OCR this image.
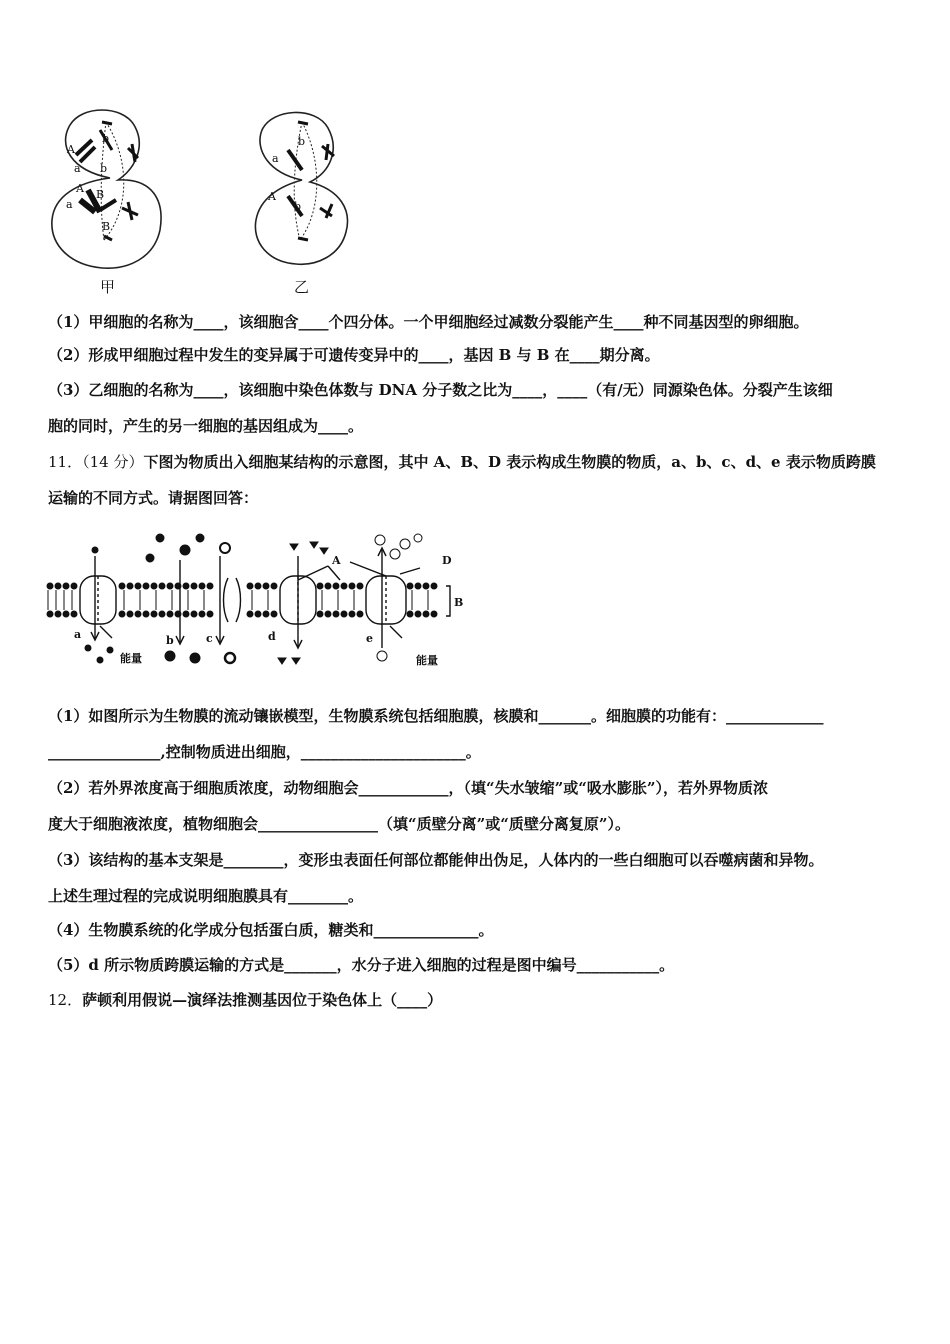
A
a
b
b
A
a
B
B
a
b
A
b
甲	乙
（1）甲细胞的名称为____，该细胞含____个四分体。一个甲细胞经过减数分裂能产生____种不同基因型的卵细胞。
（2）形成甲细胞过程中发生的变异属于可遗传变异中的____，基因 B 与 B 在____期分离。
（3）乙细胞的名称为____，该细胞中染色体数与 DNA 分子数之比为____，____（有/无）同源染色体。分裂产生该细
胞的同时，产生的另一细胞的基因组成为____。
11．（14 分）下图为物质出入细胞某结构的示意图，其中 A、B、D 表示构成生物膜的物质，a、b、c、d、e 表示物质跨膜
运输的不同方式。请据图回答：
A	D
B
a	b	c	d	e
能量	能量
（1）如图所示为生物膜的流动镶嵌模型，生物膜系统包括细胞膜，核膜和_______。细胞膜的功能有：_____________
_______________,控制物质进出细胞，______________________。
（2）若外界浓度高于细胞质浓度，动物细胞会____________，（填“失水皱缩”或“吸水膨胀”），若外界物质浓
度大于细胞液浓度，植物细胞会________________（填“质壁分离”或“质壁分离复原”）。
（3）该结构的基本支架是________，变形虫表面任何部位都能伸出伪足，人体内的一些白细胞可以吞噬病菌和异物。
上述生理过程的完成说明细胞膜具有________。
（4）生物膜系统的化学成分包括蛋白质，糖类和______________。
（5）d 所示物质跨膜运输的方式是_______，水分子进入细胞的过程是图中编号___________。
12．萨顿利用假说—演绎法推测基因位于染色体上（____）
